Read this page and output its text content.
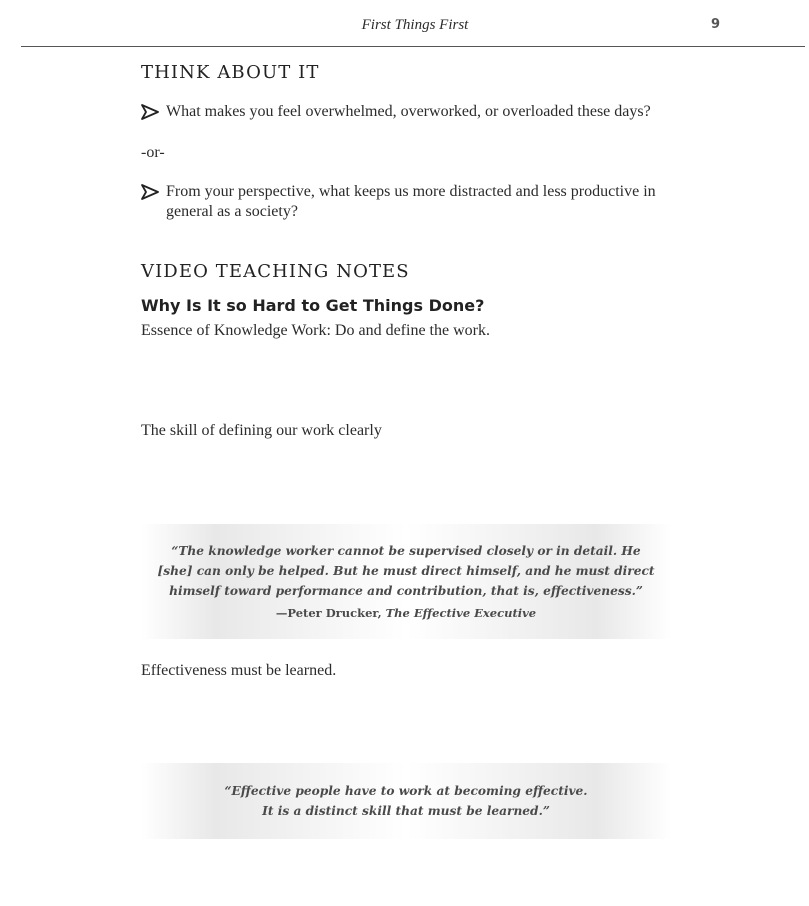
First Things First	9
THINK ABOUT IT
What makes you feel overwhelmed, overworked, or overloaded these days?
-or-
From your perspective, what keeps us more distracted and less productive in general as a society?
VIDEO TEACHING NOTES
Why Is It so Hard to Get Things Done?
Essence of Knowledge Work: Do and define the work.
The skill of defining our work clearly
Effectiveness must be learned.
“The knowledge worker cannot be supervised closely or in detail. He
[she] can only be helped. But he must direct himself, and he must direct
himself toward performance and contribution, that is, effectiveness.”
—Peter Drucker, The Effective Executive
“Effective people have to work at becoming effective.
It is a distinct skill that must be learned.”
